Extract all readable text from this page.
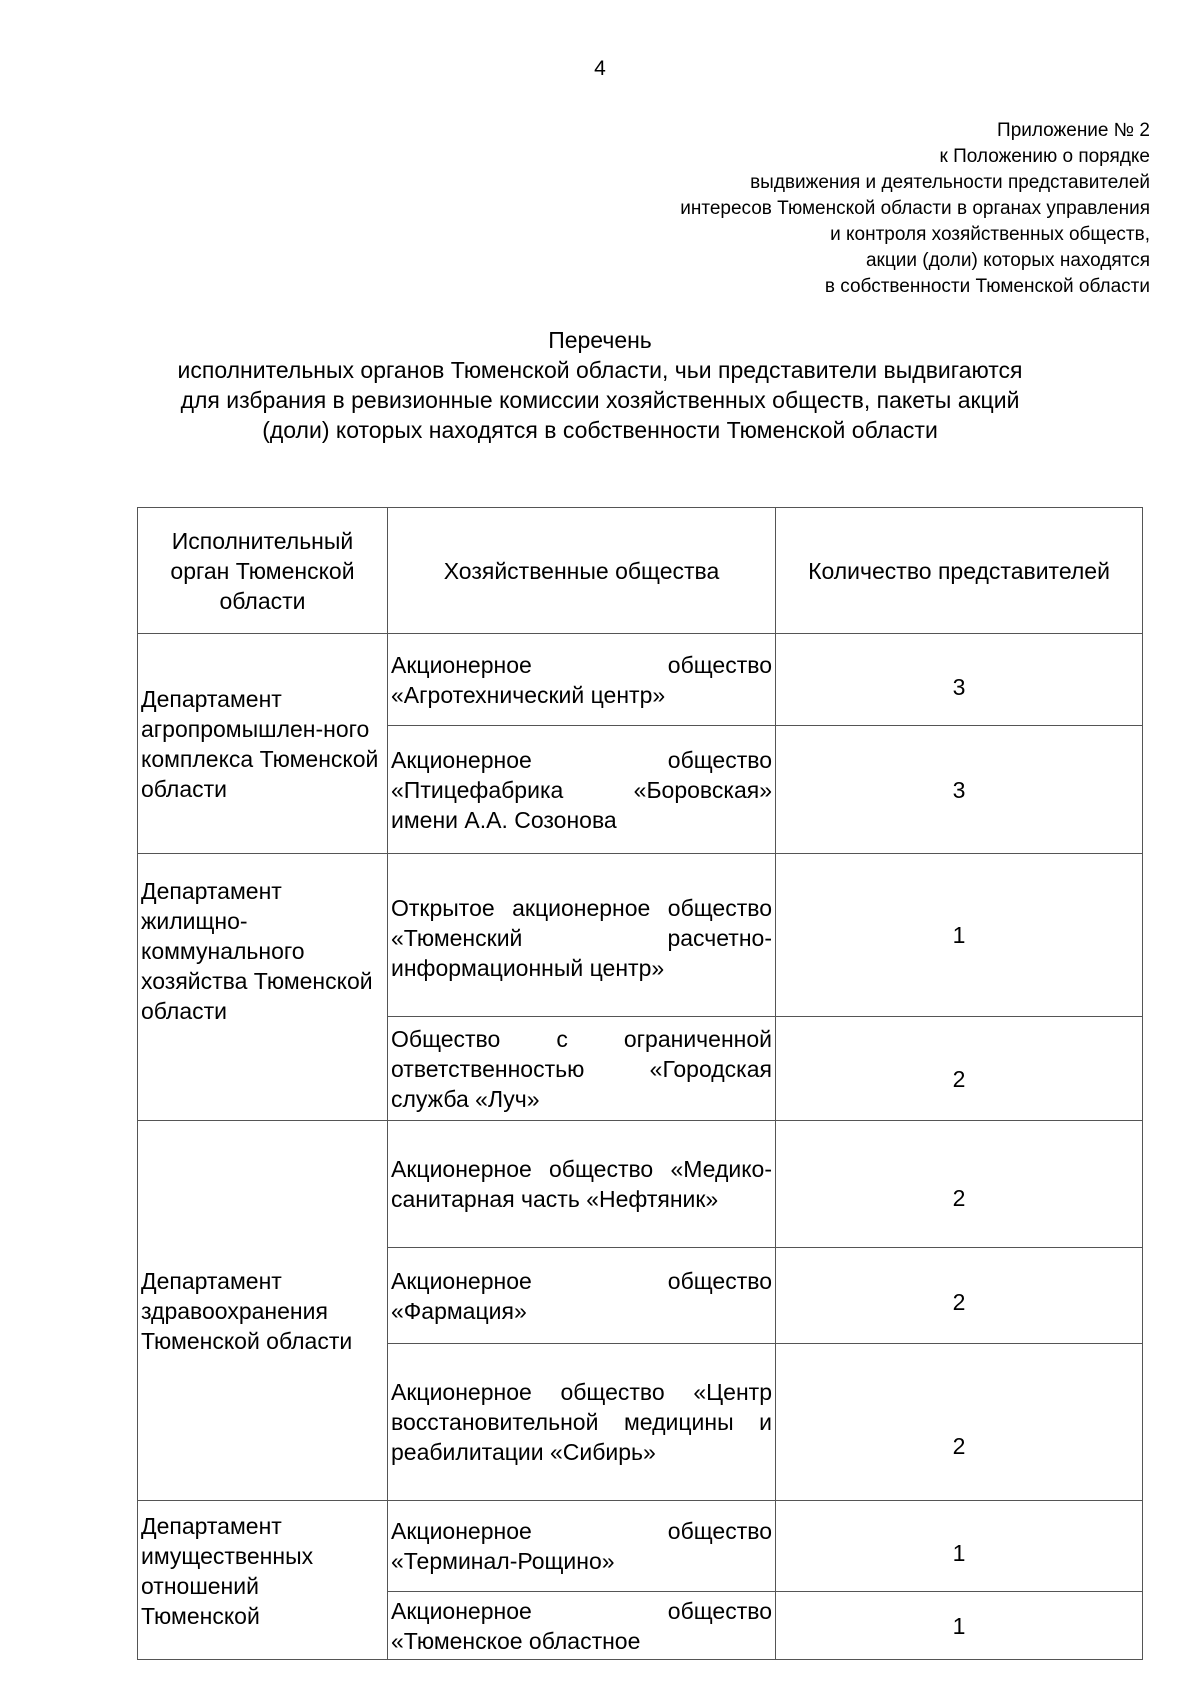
4
Приложение № 2
к Положению о порядке
выдвижения и деятельности представителей
интересов Тюменской области в органах управления
и контроля хозяйственных обществ,
акции (доли) которых находятся
в собственности Тюменской области
Перечень
исполнительных органов Тюменской области, чьи представители выдвигаются
для избрания в ревизионные комиссии хозяйственных обществ, пакеты акций
(доли) которых находятся в собственности Тюменской области
Исполнительный орган Тюменской области	Хозяйственные общества	Количество представителей
Департамент агропромышлен-ного комплекса Тюменской области	Акционерное общество «Агротехнический центр»	3

	Акционерное общество «Птицефабрика «Боровская» имени А.А. Созонова	3

Департамент жилищно-коммунального хозяйства Тюменской области	Открытое акционерное общество «Тюменский расчетно-информационный центр»	1

	Общество с ограниченной ответственностью «Городская служба «Луч»	2

Департамент здравоохранения Тюменской области	Акционерное общество «Медико-санитарная часть «Нефтяник»	2

	Акционерное общество «Фармация»	2

	Акционерное общество «Центр восстановительной медицины и реабилитации «Сибирь»	2

Департамент имущественных отношений Тюменской	Акционерное общество «Терминал-Рощино»	1

	Акционерное общество «Тюменское областное	1
